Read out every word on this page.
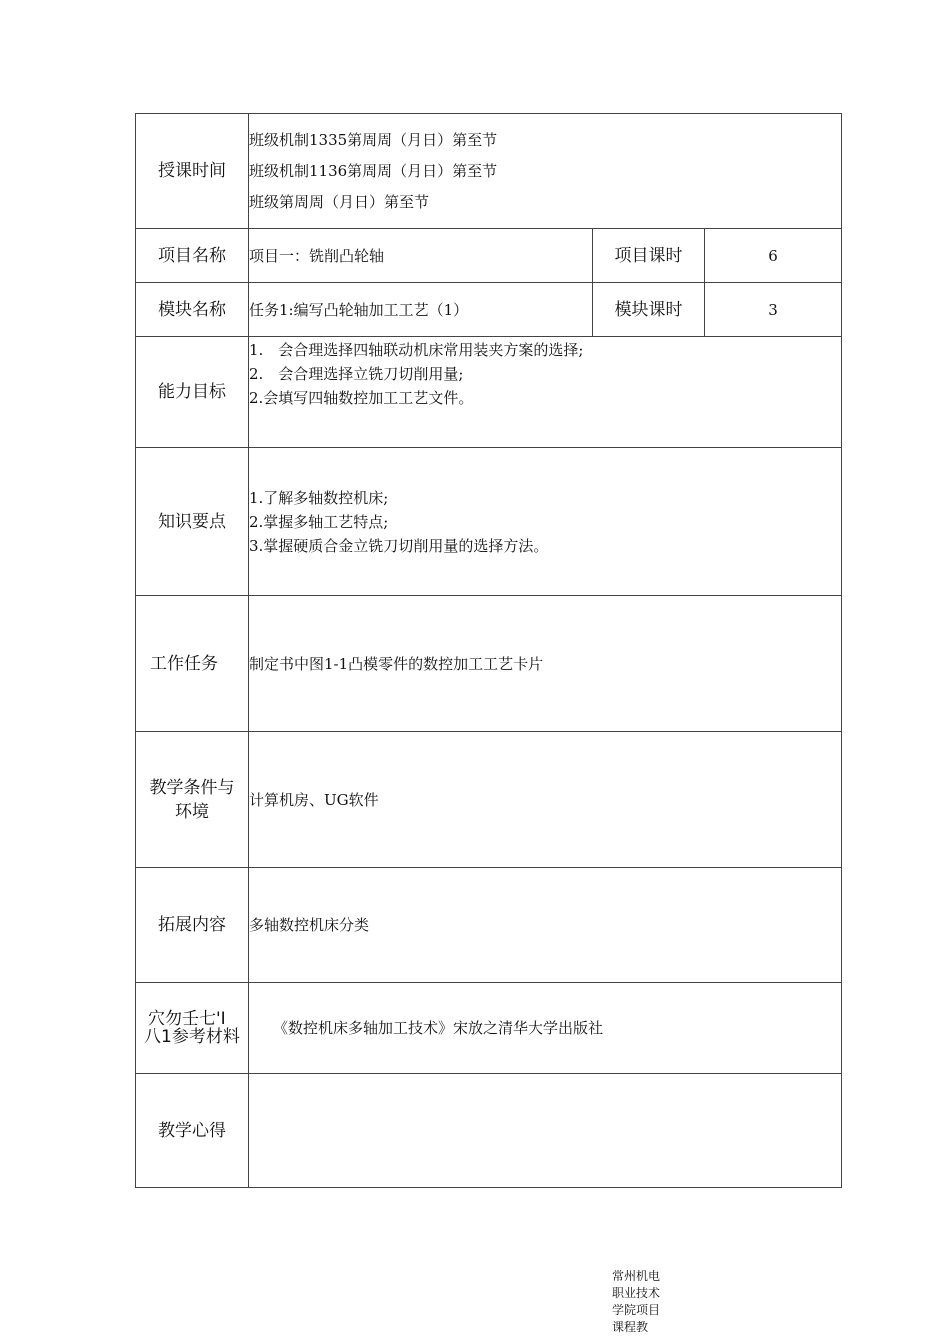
授课时间	班级机制1335第周周（月日）第至节
班级机制1136第周周（月日）第至节
班级第周周（月日）第至节		

项目名称	项目一：铣削凸轮轴	项目课时	6
模块名称	任务1:编写凸轮轴加工工艺（1）	模块课时	3
能力目标	1.　会合理选择四轴联动机床常用装夹方案的选择;
2.　会合理选择立铣刀切削用量;
2.会填写四轴数控加工工艺文件。		

知识要点	1.了解多轴数控机床;
2.掌握多轴工艺特点;
3.掌握硬质合金立铣刀切削用量的选择方法。		

工作任务	制定书中图1-1凸模零件的数控加工工艺卡片		

教学条件与
环境	计算机房、UG软件		
拓展内容	多轴数控机床分类		

穴勿壬七'I
八1参考材料	《数控机床多轴加工技术》宋放之清华大学出版社		
教学心得			
常州机电职业技术学院项目课程教
